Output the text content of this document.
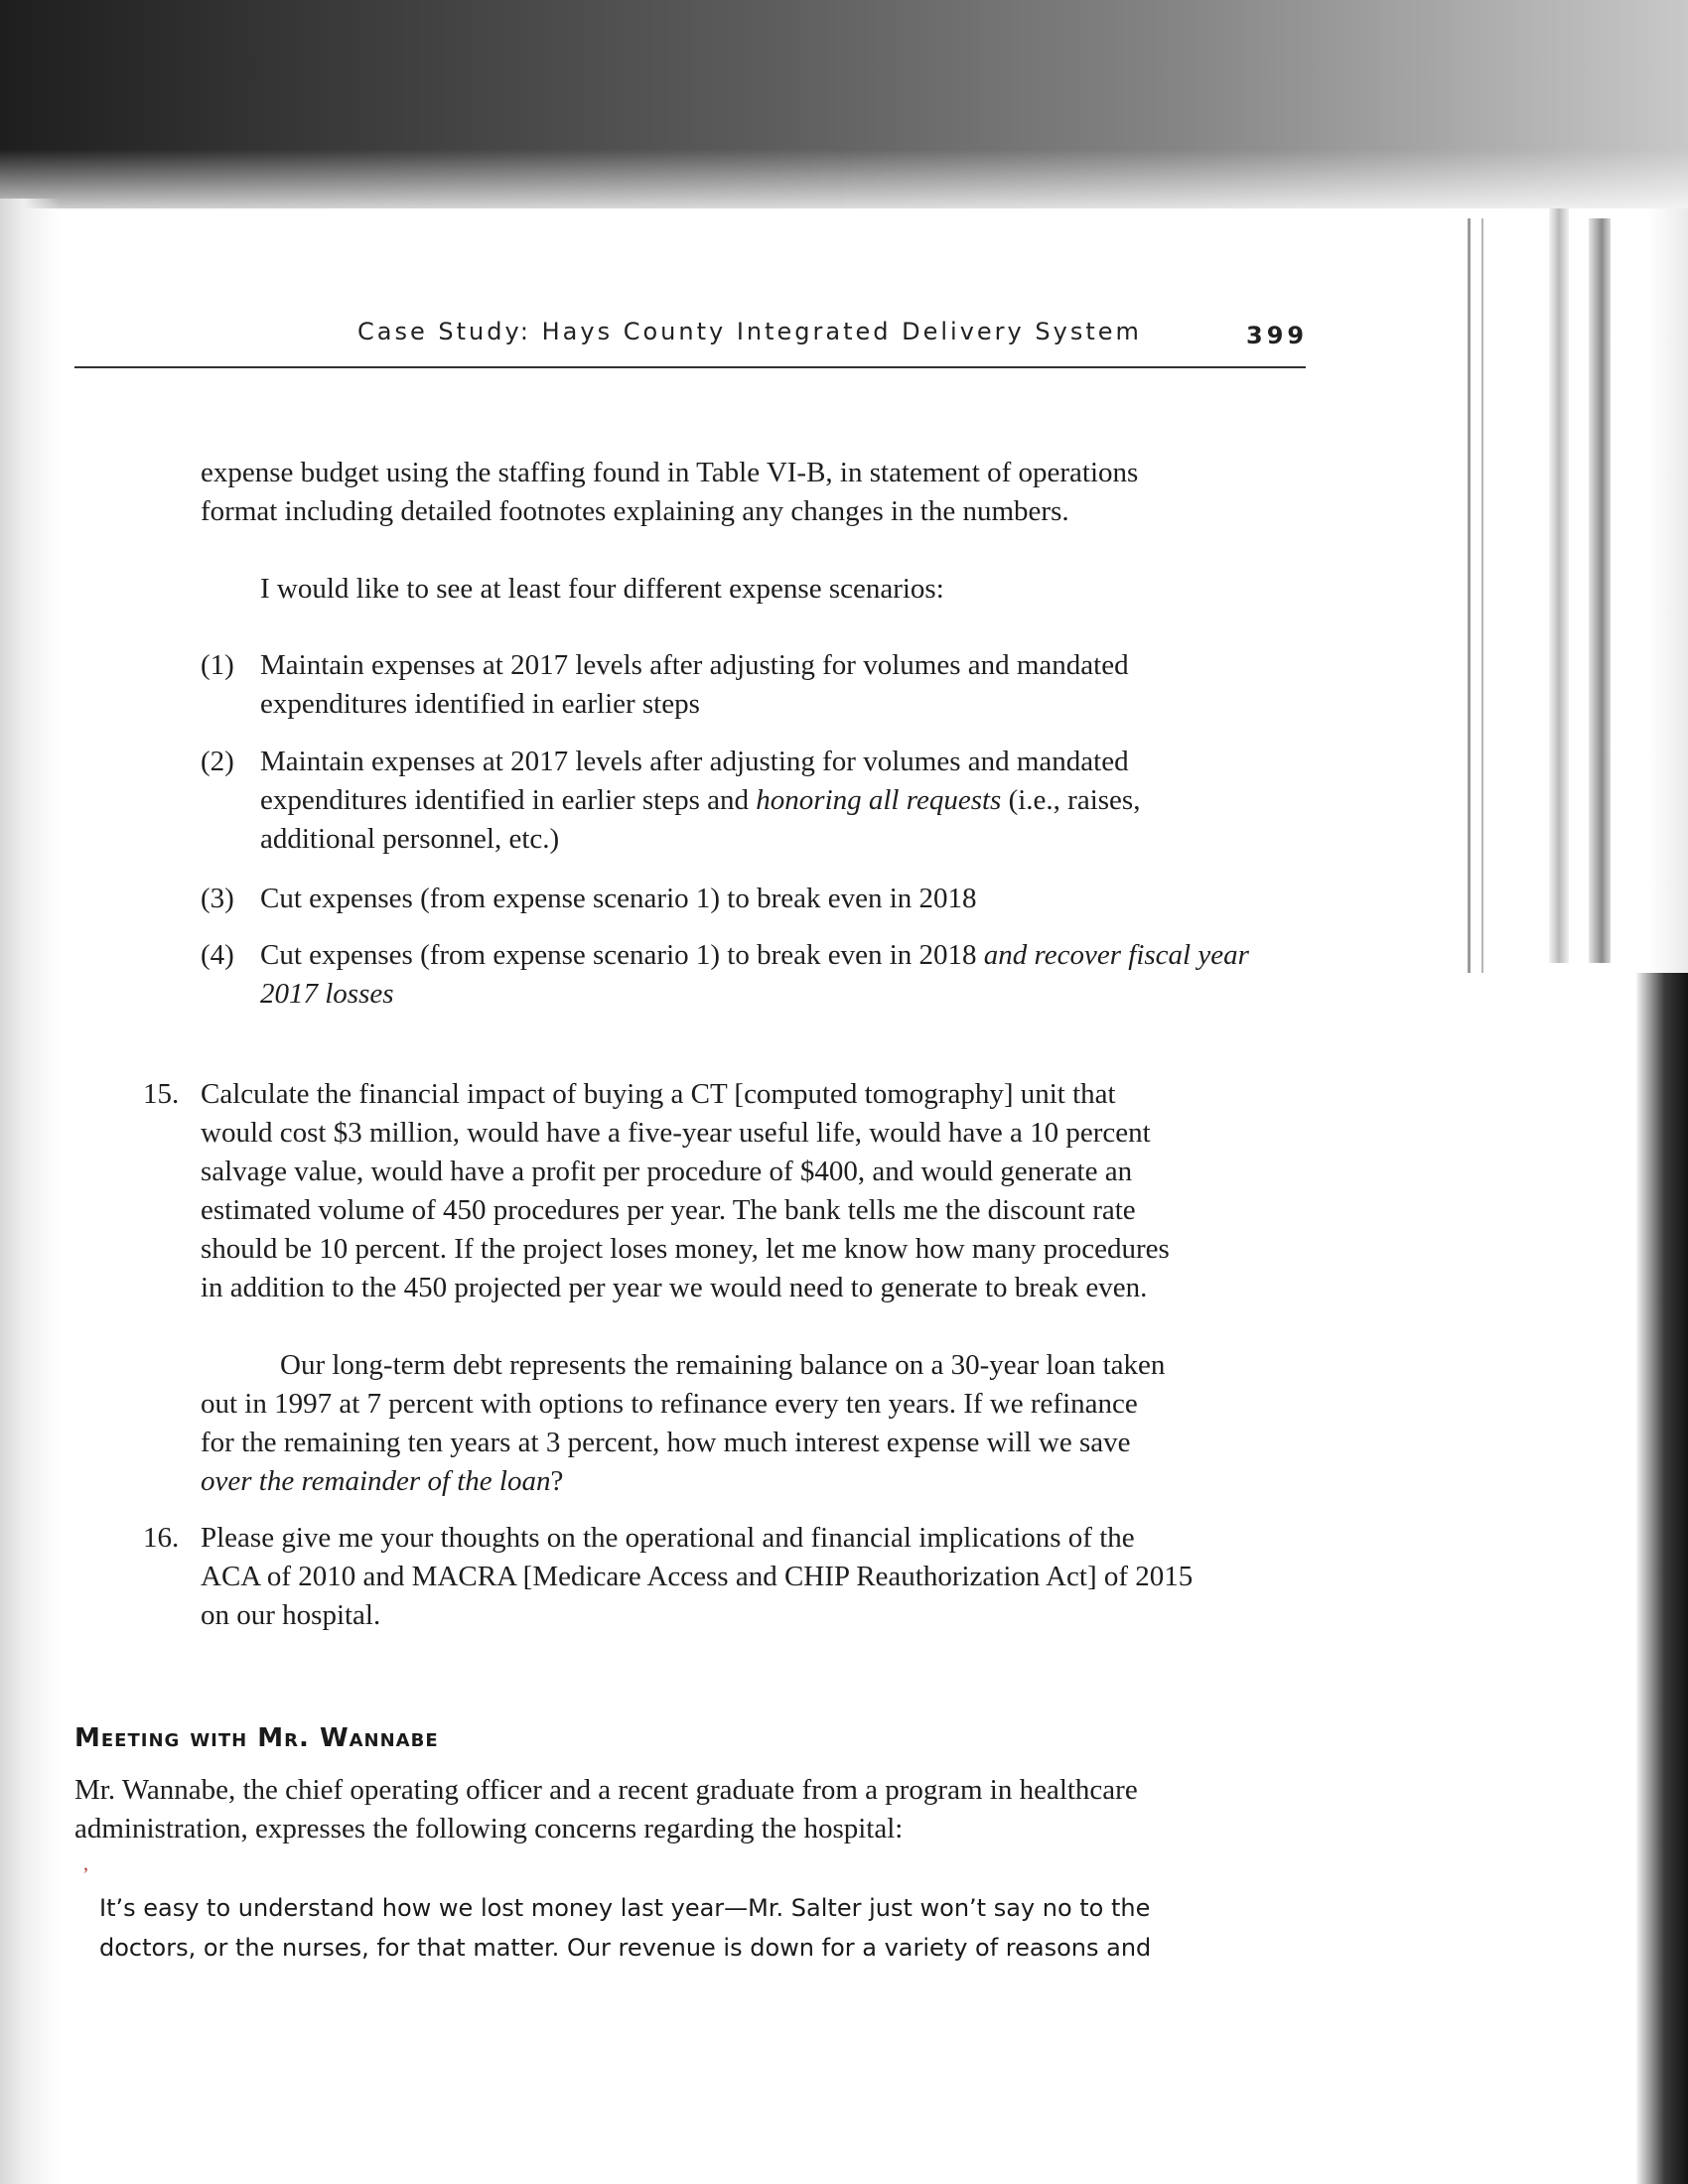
Case Study: Hays County Integrated Delivery System	399
expense budget using the staffing found in Table VI-B, in statement of operations format including detailed footnotes explaining any changes in the numbers.
I would like to see at least four different expense scenarios:
(1) Maintain expenses at 2017 levels after adjusting for volumes and mandated expenditures identified in earlier steps
(2) Maintain expenses at 2017 levels after adjusting for volumes and mandated expenditures identified in earlier steps and honoring all requests (i.e., raises, additional personnel, etc.)
(3) Cut expenses (from expense scenario 1) to break even in 2018
(4) Cut expenses (from expense scenario 1) to break even in 2018 and recover fiscal year 2017 losses
15. Calculate the financial impact of buying a CT [computed tomography] unit that would cost $3 million, would have a five-year useful life, would have a 10 percent salvage value, would have a profit per procedure of $400, and would generate an estimated volume of 450 procedures per year. The bank tells me the discount rate should be 10 percent. If the project loses money, let me know how many procedures in addition to the 450 projected per year we would need to generate to break even.
Our long-term debt represents the remaining balance on a 30-year loan taken out in 1997 at 7 percent with options to refinance every ten years. If we refinance for the remaining ten years at 3 percent, how much interest expense will we save over the remainder of the loan?
16. Please give me your thoughts on the operational and financial implications of the ACA of 2010 and MACRA [Medicare Access and CHIP Reauthorization Act] of 2015 on our hospital.
Meeting with Mr. Wannabe
Mr. Wannabe, the chief operating officer and a recent graduate from a program in healthcare administration, expresses the following concerns regarding the hospital:
ʼ
It’s easy to understand how we lost money last year—Mr. Salter just won’t say no to the doctors, or the nurses, for that matter. Our revenue is down for a variety of reasons and
